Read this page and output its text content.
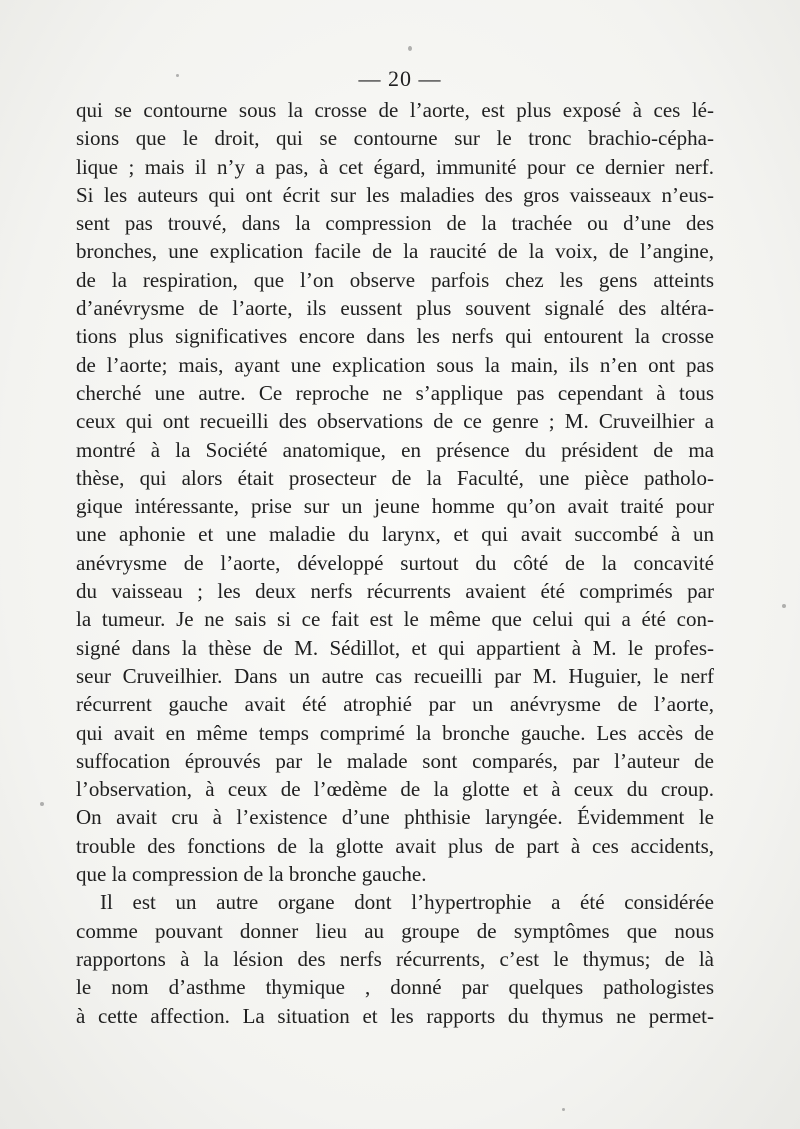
— 20 —
qui se contourne sous la crosse de l’aorte, est plus exposé à ces lé-
sions que le droit, qui se contourne sur le tronc brachio-cépha-
lique ; mais il n’y a pas, à cet égard, immunité pour ce dernier nerf.
Si les auteurs qui ont écrit sur les maladies des gros vaisseaux n’eus-
sent pas trouvé, dans la compression de la trachée ou d’une des
bronches, une explication facile de la raucité de la voix, de l’angine,
de la respiration, que l’on observe parfois chez les gens atteints
d’anévrysme de l’aorte, ils eussent plus souvent signalé des altéra-
tions plus significatives encore dans les nerfs qui entourent la crosse
de l’aorte; mais, ayant une explication sous la main, ils n’en ont pas
cherché une autre. Ce reproche ne s’applique pas cependant à tous
ceux qui ont recueilli des observations de ce genre ; M. Cruveilhier a
montré à la Société anatomique, en présence du président de ma
thèse, qui alors était prosecteur de la Faculté, une pièce patholo-
gique intéressante, prise sur un jeune homme qu’on avait traité pour
une aphonie et une maladie du larynx, et qui avait succombé à un
anévrysme de l’aorte, développé surtout du côté de la concavité
du vaisseau ; les deux nerfs récurrents avaient été comprimés par
la tumeur. Je ne sais si ce fait est le même que celui qui a été con-
signé dans la thèse de M. Sédillot, et qui appartient à M. le profes-
seur Cruveilhier. Dans un autre cas recueilli par M. Huguier, le nerf
récurrent gauche avait été atrophié par un anévrysme de l’aorte,
qui avait en même temps comprimé la bronche gauche. Les accès de
suffocation éprouvés par le malade sont comparés, par l’auteur de
l’observation, à ceux de l’œdème de la glotte et à ceux du croup.
On avait cru à l’existence d’une phthisie laryngée. Évidemment le
trouble des fonctions de la glotte avait plus de part à ces accidents,
que la compression de la bronche gauche.
Il est un autre organe dont l’hypertrophie a été considérée
comme pouvant donner lieu au groupe de symptômes que nous
rapportons à la lésion des nerfs récurrents, c’est le thymus; de là
le nom d’asthme thymique , donné par quelques pathologistes
à cette affection. La situation et les rapports du thymus ne permet-
